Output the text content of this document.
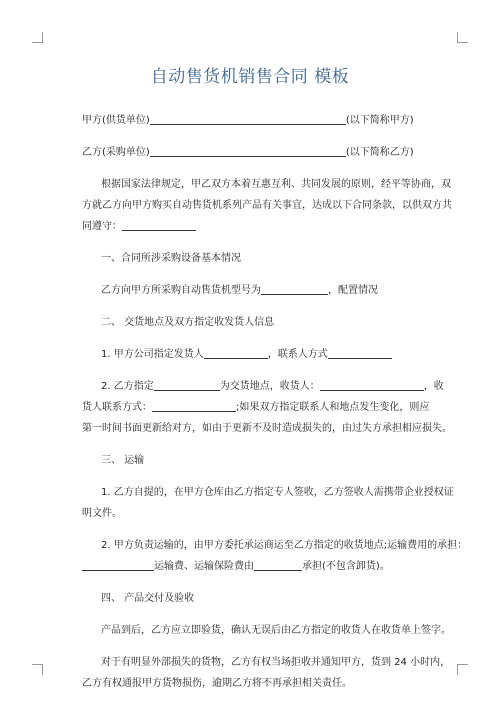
自动售货机销售合同 模板
甲方(供货单位)	(以下简称甲方)
乙方(采购单位)	(以下简称乙方)
根据国家法律规定，甲乙双方本着互惠互利、共同发展的原则，经平等协商，双
方就乙方向甲方购买自动售货机系列产品有关事宜，达成以下合同条款，以供双方共
同遵守：
一、合同所涉采购设备基本情况
乙方向甲方所采购自动售货机型号为	，配置情况
二、 交货地点及双方指定收发货人信息
1. 甲方公司指定发货人	，联系人方式
2. 乙方指定	为交货地点，收货人：	，收
货人联系方式：	;如果双方指定联系人和地点发生变化，则应
第一时间书面更新给对方，如由于更新不及时造成损失的，由过失方承担相应损失。
三、 运输
1. 乙方自提的，在甲方仓库由乙方指定专人签收，乙方签收人需携带企业授权证
明文件。
2. 甲方负责运输的，由甲方委托承运商运至乙方指定的收货地点;运输费用的承担：
运输费、运输保险费由	承担(不包含卸货)。
四、 产品交付及验收
产品到后，乙方应立即验货，确认无误后由乙方指定的收货人在收货单上签字。
对于有明显外部损失的货物，乙方有权当场拒收并通知甲方，货到 24 小时内，
乙方有权通报甲方货物损伤，逾期乙方将不再承担相关责任。
